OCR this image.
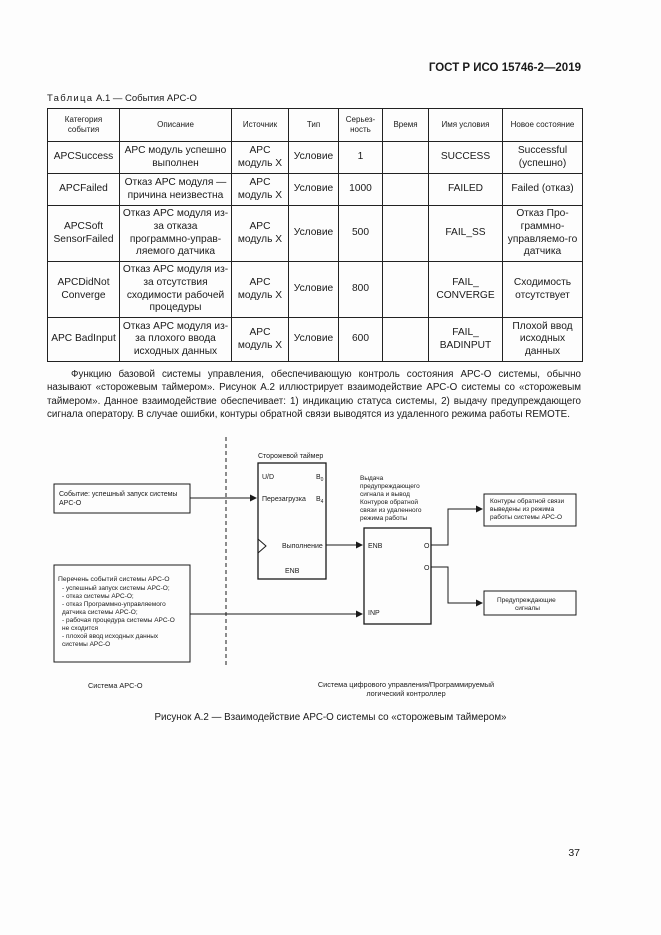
ГОСТ Р ИСО 15746-2—2019
Таблица А.1 — События АРС-О
Категория события	Описание	Источник	Тип	Серьез-ность	Время	Имя условия	Новое состояние
APCSuccess	АРС модуль успешно выполнен	APC модуль X	Условие	1		SUCCESS	Successful (успешно)
APCFailed	Отказ АРС модуля — причина неизвестна	APC модуль X	Условие	1000		FAILED	Failed (отказ)
APCSoft SensorFailed	Отказ АРС модуля из-за отказа программно-управ-ляемого датчика	APC модуль X	Условие	500		FAIL_SS	Отказ Про-граммно-управляемо-го датчика
APCDidNot Converge	Отказ АРС модуля из-за отсутствия сходимости рабочей процедуры	APC модуль X	Условие	800		FAIL_ CONVERGE	Сходимость отсутствует
APC BadInput	Отказ АРС модуля из-за плохого ввода исходных данных	APC модуль X	Условие	600		FAIL_ BADINPUT	Плохой ввод исходных данных

Функцию базовой системы управления, обеспечивающую контроль состояния АРС-О системы, обычно называют «сторожевым таймером». Рисунок А.2 иллюстрирует взаимодействие АРС-О системы со «сторожевым таймером». Данное взаимодействие обеспечивает: 1) индикацию статуса системы, 2) выдачу предупреждающего сигнала оператору. В случае ошибки, контуры обратной связи выводятся из удаленного режима работы REMOTE.

Событие: успешный запуск системы
APC-O
Перечень событий системы APC-O
- успешный запуск системы APC-O;
- отказ системы APC-O;
- отказ Программно-управляемого
датчика системы APC-O;
- рабочая процедура системы APC-O
не сходится
- плохой ввод исходных данных
системы APC-O
Сторожевой таймер
U/D	$B_0$
Перезагрузка $B_4$
Выполнение
ENB
Выдача
предупреждающего
сигнала и вывод
Контуров обратной
связи из удаленного
режима работы
ENB	O
O
INP
Контуры обратной связи
выведены из режима
работы системы APC-O
Предупреждающие
сигналы
Система APC-O	Система цифрового управления/Программируемый
логический контроллер
Рисунок А.2 — Взаимодействие АРС-О системы со «сторожевым таймером»
37
